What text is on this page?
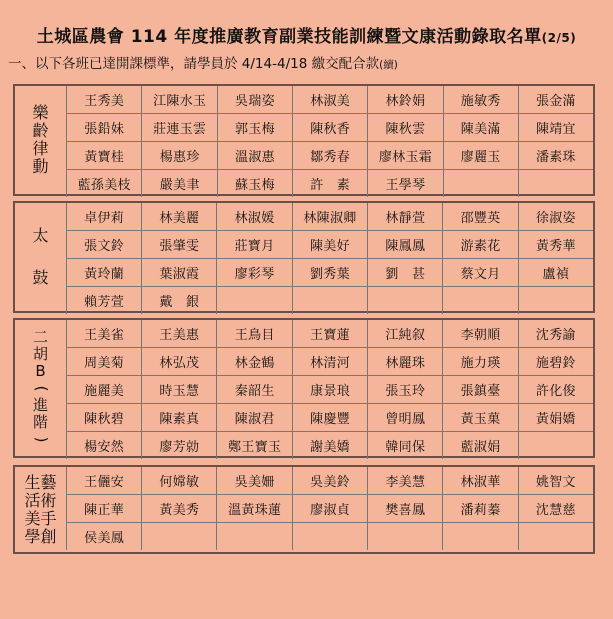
土城區農會 114 年度推廣教育副業技能訓練暨文康活動錄取名單(2/5)
一、以下各班已達開課標準，請學員於 4/14-4/18 繳交配合款(續)
樂
齡
律
動
王秀美	江陳水玉	吳瑞姿	林淑美	林鈴娟	施敏秀	張金滿
張鉛妹	莊連玉雲	郭玉梅	陳秋香	陳秋雲	陳美滿	陳靖宜
黃寶桂	楊惠珍	溫淑惠	鄒秀春	廖林玉霜	廖麗玉	潘素珠
藍孫美枝	嚴美聿	蘇玉梅	許　素	王學琴		
太
鼓
卓伊莉	林美麗	林淑媛	林陳淑卿	林靜萱	邵豐英	徐淑姿
張文鈴	張肇雯	莊寶月	陳美好	陳鳳鳳	游素花	黃秀華
黃玲蘭	葉淑霞	廖彩琴	劉秀葉	劉　甚	蔡文月	盧禎
賴芳萱	戴　銀					
二
胡
B
(
進
階
)
王美雀	王美惠	王鳥目	王寶蓮	江純叙	李朝順	沈秀諭
周美菊	林弘茂	林金鶴	林清河	林麗珠	施力瑛	施碧鈴
施麗美	時玉慧	秦韶生	康景琅	張玉玲	張鎮臺	許化俊
陳秋碧	陳素真	陳淑君	陳慶豐	曾明鳳	黃玉菓	黃娟嬌
楊安然	廖芳勍	鄭王寶玉	謝美嬌	韓同保	藍淑娟	
生藝
活術
美手
學創
王儷安	何嫦敏	吳美姍	吳美鈴	李美慧	林淑華	姚智文
陳正華	黃美秀	溫黃珠蓮	廖淑貞	樊喜鳳	潘莉蓁	沈慧慈
侯美鳳						
